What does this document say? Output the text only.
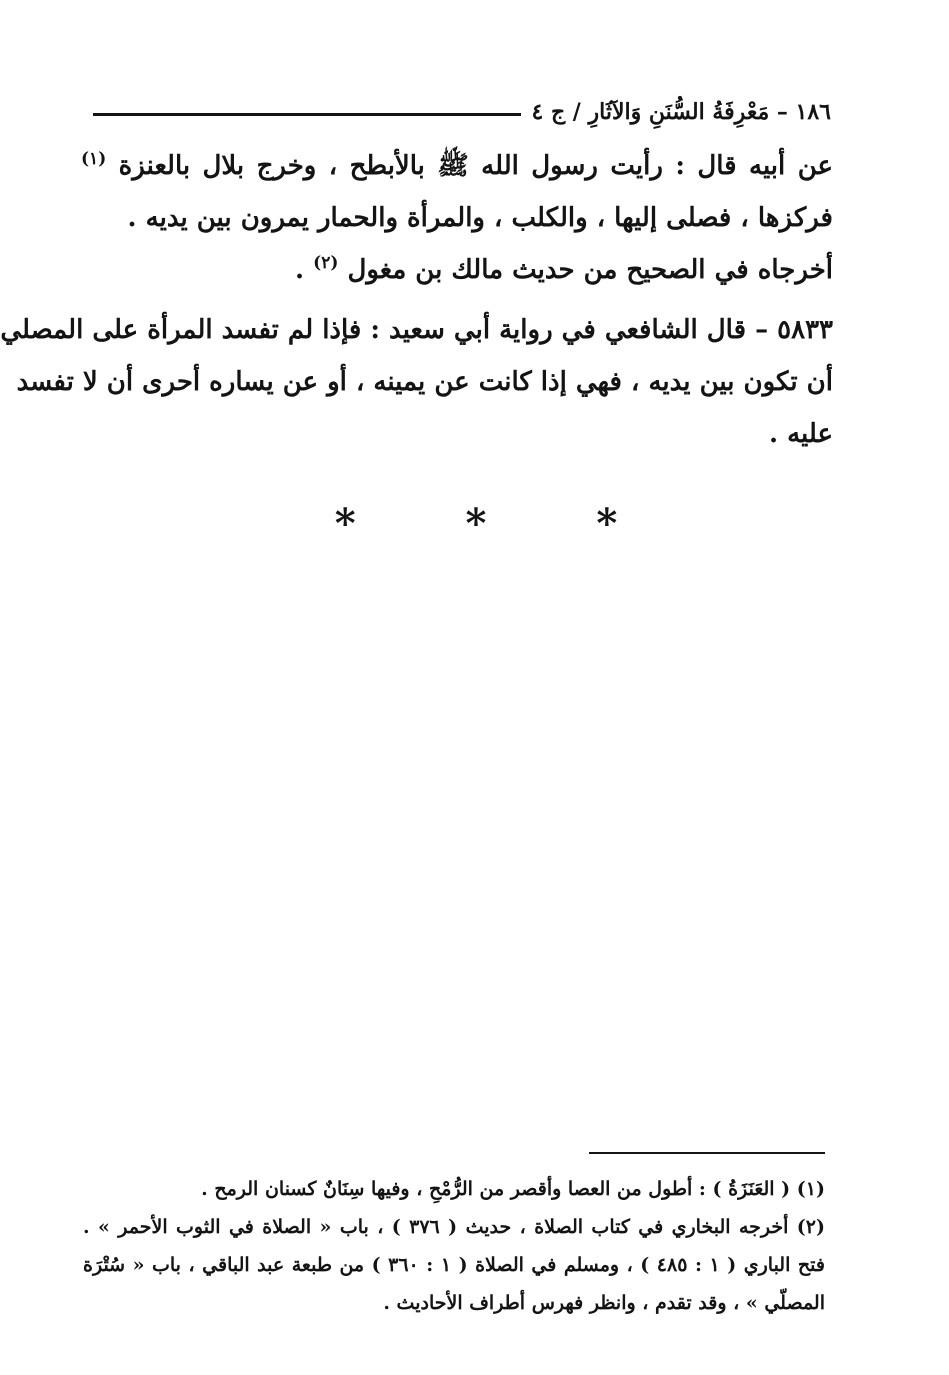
١٨٦ – مَعْرِفَةُ السُّنَنِ وَالآثَارِ / ج ٤
عن أبيه قال : رأيت رسول الله ﷺ بالأبطح ، وخرج بلال بالعنزة $^{(١)}$
فركزها ، فصلى إليها ، والكلب ، والمرأة والحمار يمرون بين يديه .
أخرجاه في الصحيح من حديث مالك بن مغول $^{(٢)}$ .
٥٨٣٣ – قال الشافعي في رواية أبي سعيد : فإذا لم تفسد المرأة على المصلي
أن تكون بين يديه ، فهي إذا كانت عن يمينه ، أو عن يساره أحرى أن لا تفسد
عليه .
* * *
(١) ( العَنَزَةُ ) : أطول من العصا وأقصر من الرُّمْحِ ، وفيها سِنَانٌ كسنان الرمح .
(٢) أخرجه البخاري في كتاب الصلاة ، حديث ( ٣٧٦ ) ، باب « الصلاة في الثوب الأحمر » .
فتح الباري ( ١ : ٤٨٥ ) ، ومسلم في الصلاة ( ١ : ٣٦٠ ) من طبعة عبد الباقي ، باب « سُتْرَة
المصلّي » ، وقد تقدم ، وانظر فهرس أطراف الأحاديث .
